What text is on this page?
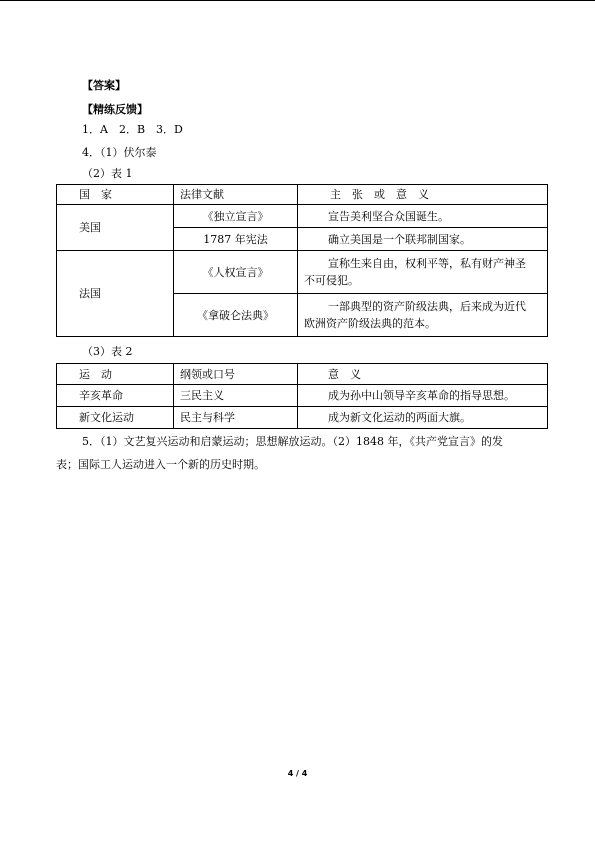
【答案】
【精练反馈】
1．A　2．B　3．D
4．（1）伏尔泰
（2）表 1
国　家	法律文献	主　张　或　意　义
美国	《独立宣言》	宣告美利坚合众国诞生。
	1787 年宪法	确立美国是一个联邦制国家。
法国	《人权宣言》	宣称生来自由，权利平等，私有财产神圣
不可侵犯。

	《拿破仑法典》	一部典型的资产阶级法典，后来成为近代
欧洲资产阶级法典的范本。
（3）表 2
运　动	纲领或口号	意　义
辛亥革命	三民主义	成为孙中山领导辛亥革命的指导思想。
新文化运动	民主与科学	成为新文化运动的两面大旗。
5．（1）文艺复兴运动和启蒙运动；思想解放运动。（2）1848 年，《共产党宣言》的发
表；国际工人运动进入一个新的历史时期。
4 / 4
